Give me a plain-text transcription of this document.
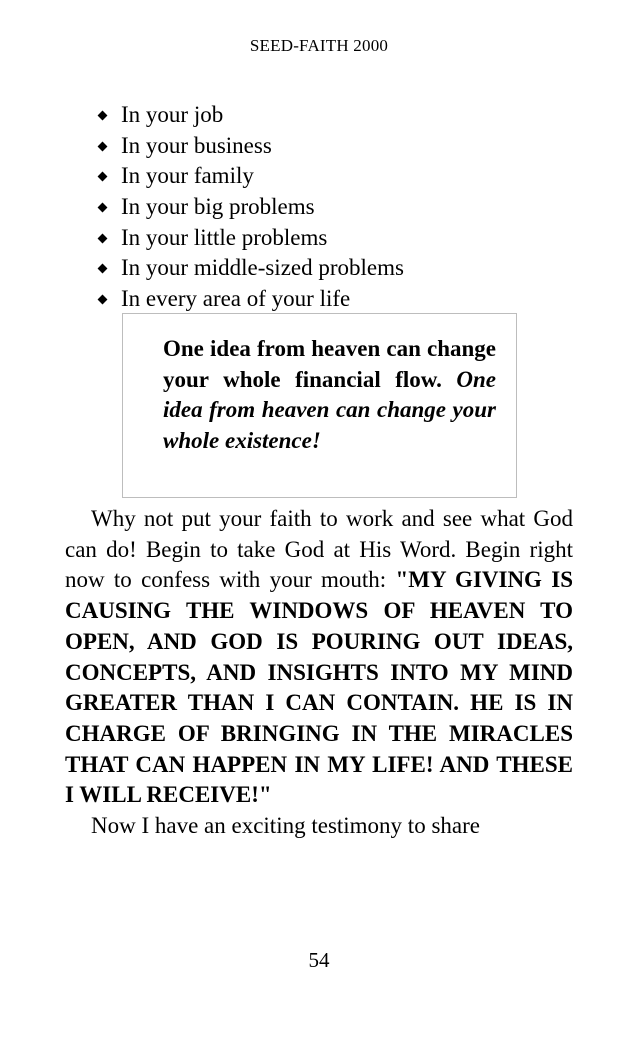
SEED-FAITH 2000
In your job
In your business
In your family
In your big problems
In your little problems
In your middle-sized problems
In every area of your life
One idea from heaven can change your whole financial flow. One idea from heaven can change your whole existence!

Why not put your faith to work and see what God can do! Begin to take God at His Word. Begin right now to confess with your mouth: "MY GIVING IS CAUSING THE WINDOWS OF HEAVEN TO OPEN, AND GOD IS POURING OUT IDEAS, CONCEPTS, AND INSIGHTS INTO MY MIND GREATER THAN I CAN CONTAIN. HE IS IN CHARGE OF BRINGING IN THE MIRACLES THAT CAN HAPPEN IN MY LIFE! AND THESE I WILL RECEIVE!"

Now I have an exciting testimony to share

54
